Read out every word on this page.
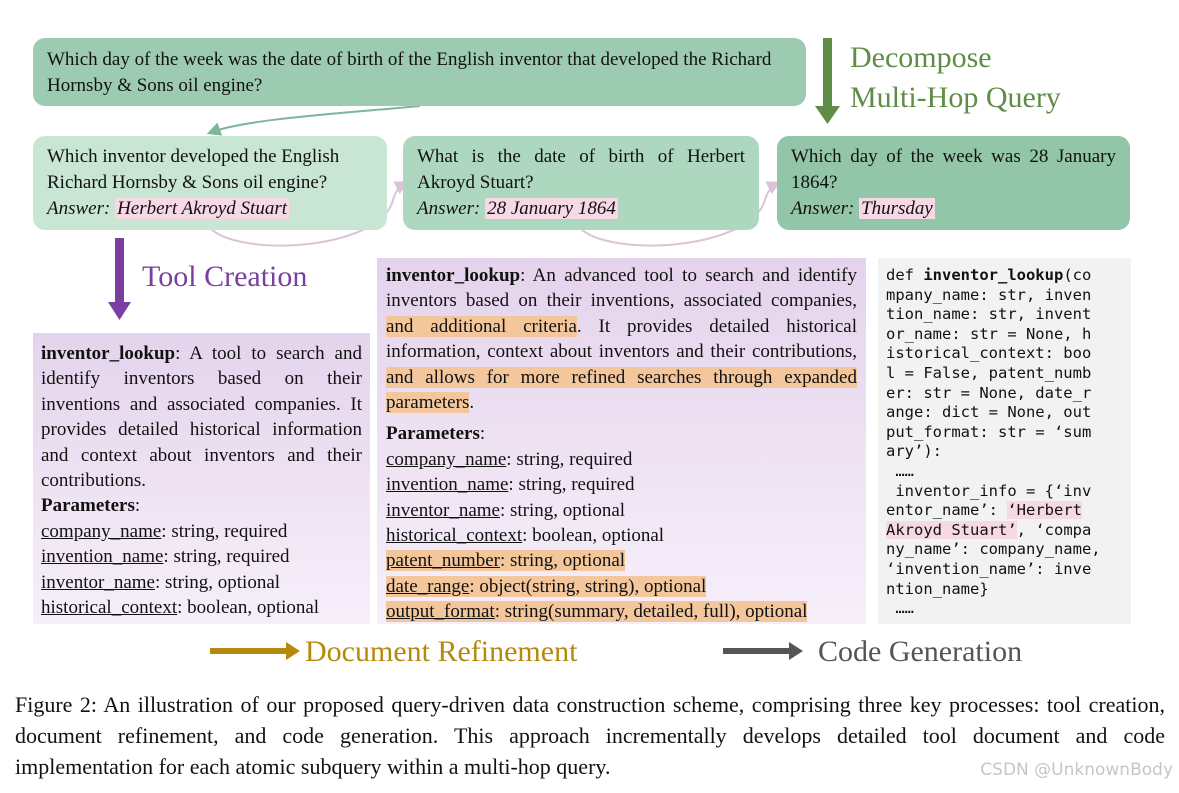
Which day of the week was the date of birth of the English inventor that developed the Richard Hornsby & Sons oil engine?
Decompose
Multi-Hop Query
Which inventor developed the English Richard Hornsby & Sons oil engine?
Answer: Herbert Akroyd Stuart
What is the date of birth of Herbert Akroyd Stuart?
Answer: 28 January 1864
Which day of the week was 28 January 1864?
Answer: Thursday
Tool Creation
inventor_lookup: A tool to search and identify inventors based on their inventions and associated companies. It provides detailed historical information and context about inventors and their contributions.
Parameters:
company_name: string, required
invention_name: string, required
inventor_name: string, optional
historical_context: boolean, optional
inventor_lookup: An advanced tool to search and identify inventors based on their inventions, associated companies, and additional criteria. It provides detailed historical information, context about inventors and their contributions, and allows for more refined searches through expanded parameters.
Parameters:
company_name: string, required
invention_name: string, required
inventor_name: string, optional
historical_context: boolean, optional
patent_number: string, optional
date_range: object(string, string), optional
output_format: string(summary, detailed, full), optional
def inventor_lookup(co
mpany_name: str, inven
tion_name: str, invent
or_name: str = None, h
istorical_context: boo
l = False, patent_numb
er: str = None, date_r
ange: dict = None, out
put_format: str = ‘sum
ary’):
……
inventor_info = {‘inv
entor_name’: ‘Herbert
Akroyd Stuart’, ‘compa
ny_name’: company_name,
‘invention_name’: inve
ntion_name}
……
Document Refinement	Code Generation
Figure 2: An illustration of our proposed query-driven data construction scheme, comprising three key processes: tool creation, document refinement, and code generation. This approach incrementally develops detailed tool document and code implementation for each atomic subquery within a multi-hop query.	CSDN @UnknownBody
